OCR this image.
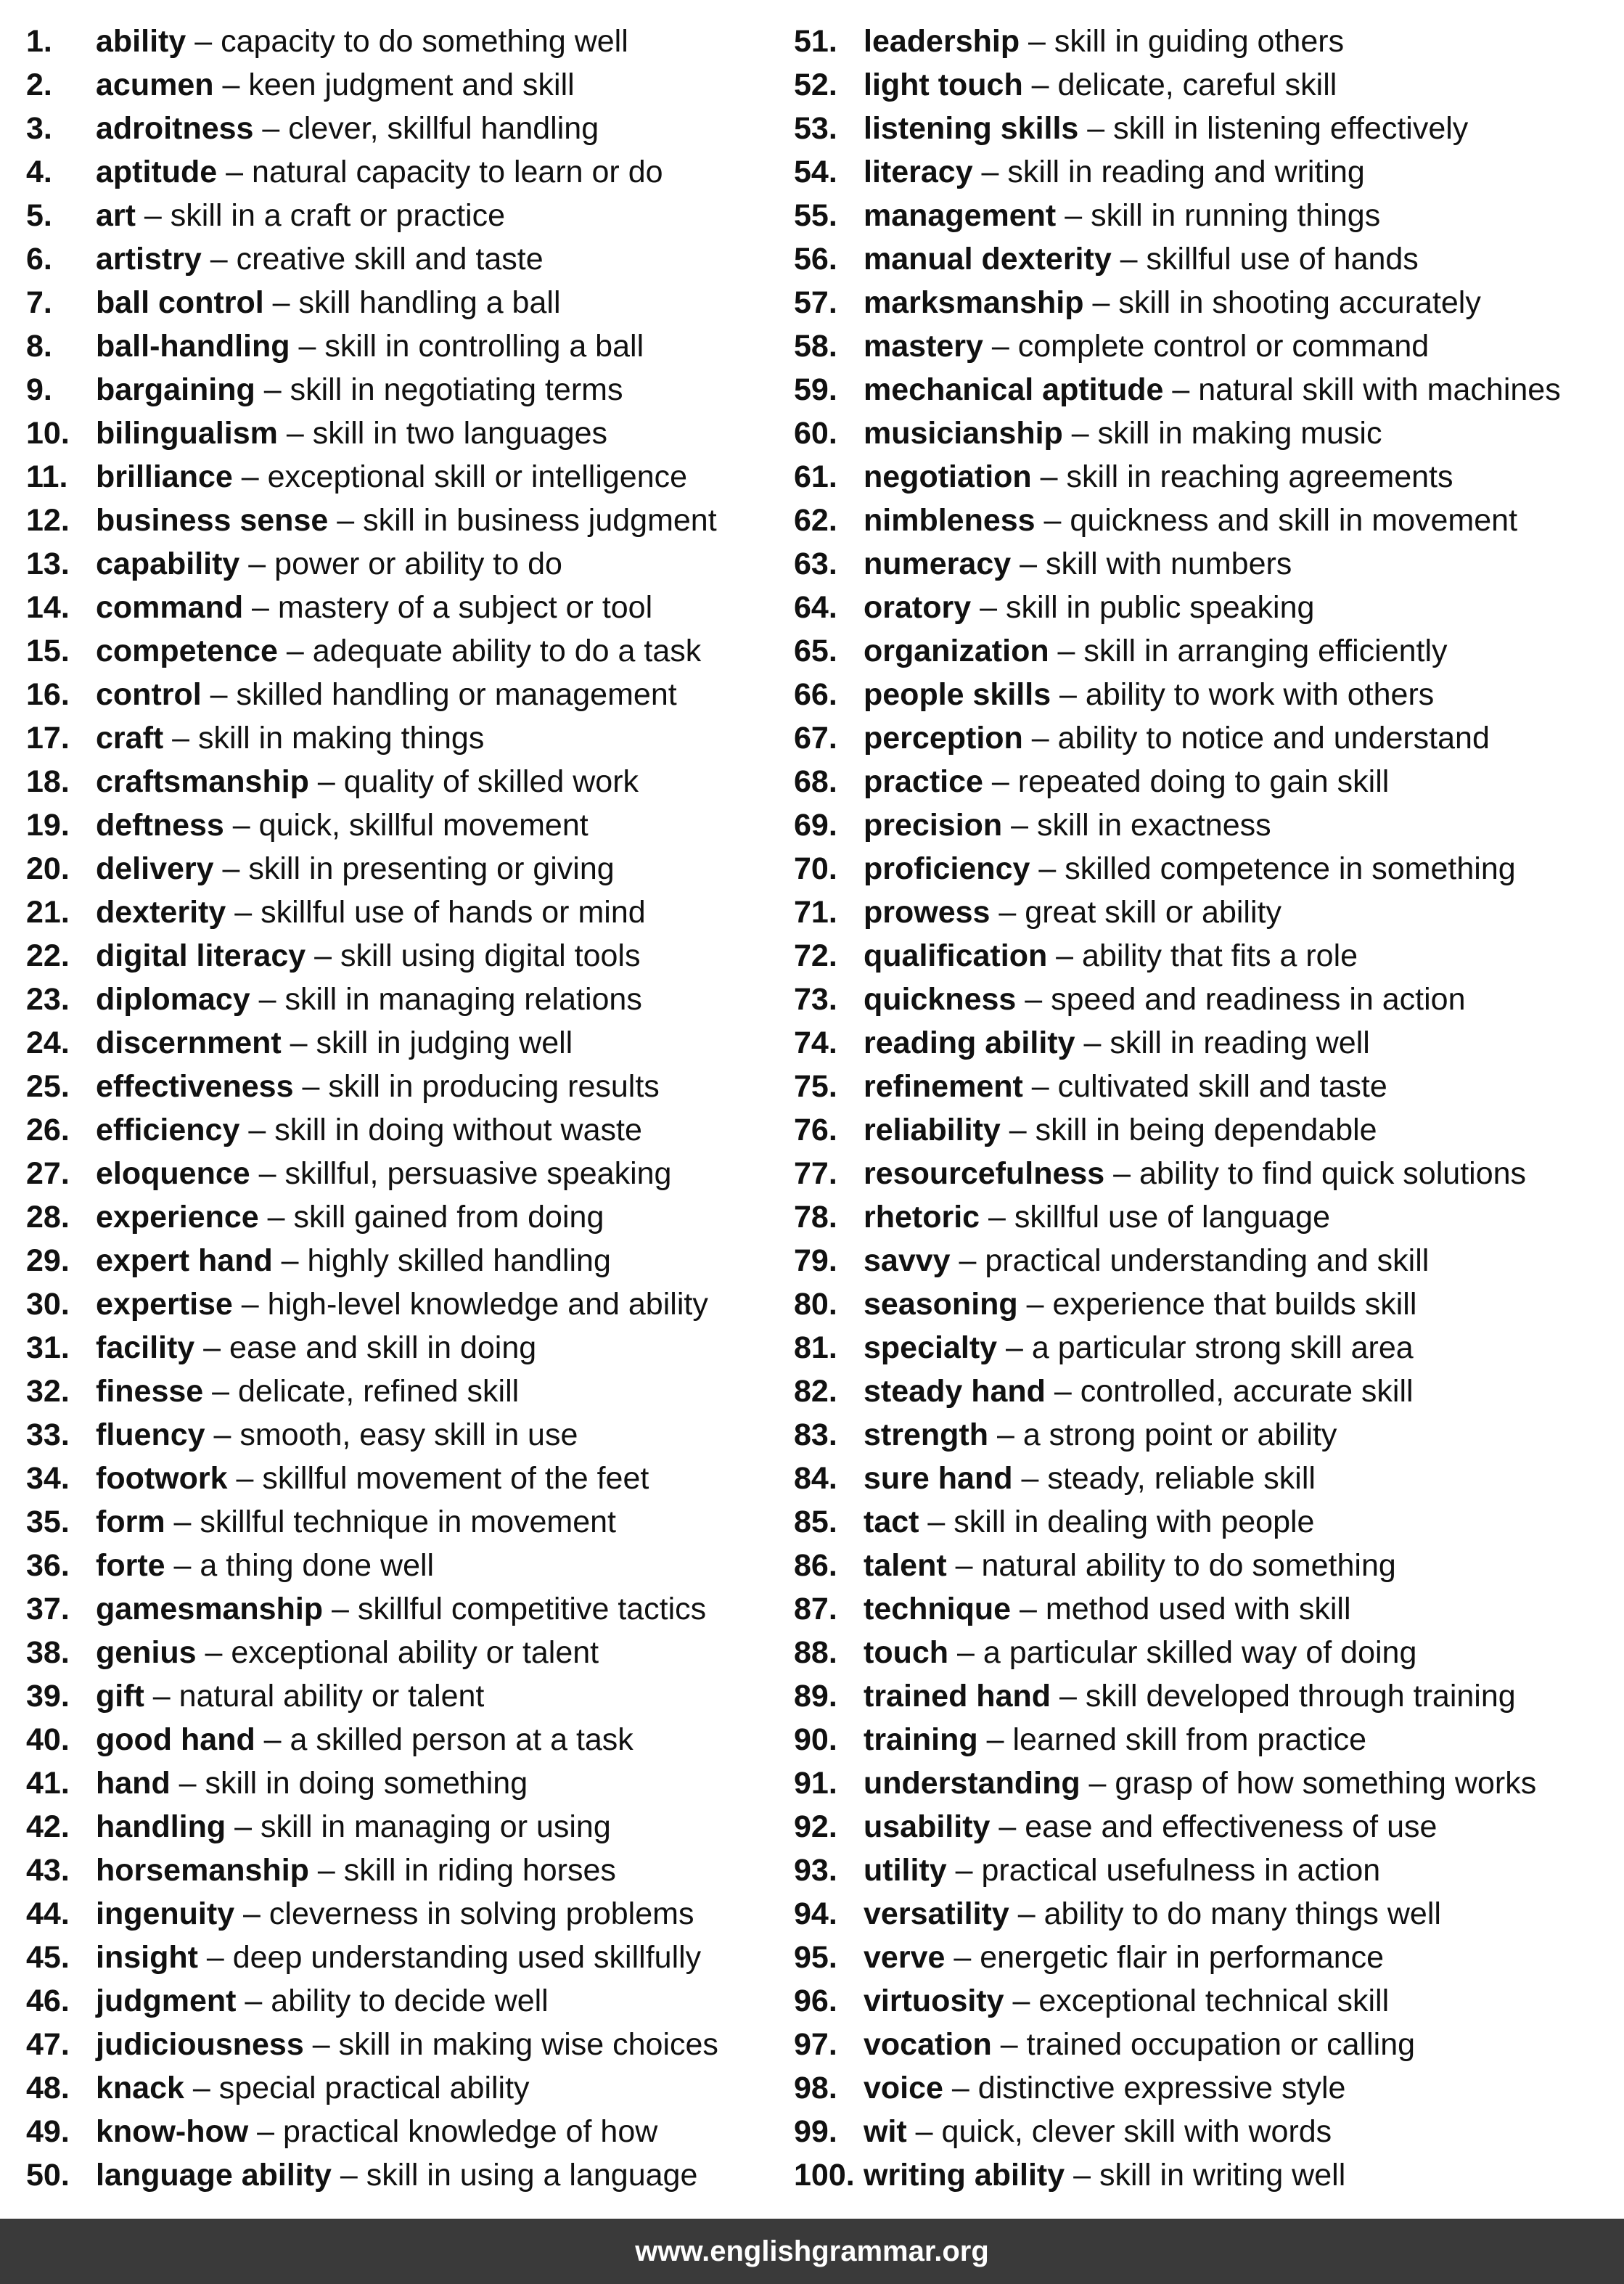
1. ability – capacity to do something well
2. acumen – keen judgment and skill
3. adroitness – clever, skillful handling
4. aptitude – natural capacity to learn or do
5. art – skill in a craft or practice
6. artistry – creative skill and taste
7. ball control – skill handling a ball
8. ball-handling – skill in controlling a ball
9. bargaining – skill in negotiating terms
10. bilingualism – skill in two languages
11. brilliance – exceptional skill or intelligence
12. business sense – skill in business judgment
13. capability – power or ability to do
14. command – mastery of a subject or tool
15. competence – adequate ability to do a task
16. control – skilled handling or management
17. craft – skill in making things
18. craftsmanship – quality of skilled work
19. deftness – quick, skillful movement
20. delivery – skill in presenting or giving
21. dexterity – skillful use of hands or mind
22. digital literacy – skill using digital tools
23. diplomacy – skill in managing relations
24. discernment – skill in judging well
25. effectiveness – skill in producing results
26. efficiency – skill in doing without waste
27. eloquence – skillful, persuasive speaking
28. experience – skill gained from doing
29. expert hand – highly skilled handling
30. expertise – high-level knowledge and ability
31. facility – ease and skill in doing
32. finesse – delicate, refined skill
33. fluency – smooth, easy skill in use
34. footwork – skillful movement of the feet
35. form – skillful technique in movement
36. forte – a thing done well
37. gamesmanship – skillful competitive tactics
38. genius – exceptional ability or talent
39. gift – natural ability or talent
40. good hand – a skilled person at a task
41. hand – skill in doing something
42. handling – skill in managing or using
43. horsemanship – skill in riding horses
44. ingenuity – cleverness in solving problems
45. insight – deep understanding used skillfully
46. judgment – ability to decide well
47. judiciousness – skill in making wise choices
48. knack – special practical ability
49. know-how – practical knowledge of how
50. language ability – skill in using a language
51. leadership – skill in guiding others
52. light touch – delicate, careful skill
53. listening skills – skill in listening effectively
54. literacy – skill in reading and writing
55. management – skill in running things
56. manual dexterity – skillful use of hands
57. marksmanship – skill in shooting accurately
58. mastery – complete control or command
59. mechanical aptitude – natural skill with machines
60. musicianship – skill in making music
61. negotiation – skill in reaching agreements
62. nimbleness – quickness and skill in movement
63. numeracy – skill with numbers
64. oratory – skill in public speaking
65. organization – skill in arranging efficiently
66. people skills – ability to work with others
67. perception – ability to notice and understand
68. practice – repeated doing to gain skill
69. precision – skill in exactness
70. proficiency – skilled competence in something
71. prowess – great skill or ability
72. qualification – ability that fits a role
73. quickness – speed and readiness in action
74. reading ability – skill in reading well
75. refinement – cultivated skill and taste
76. reliability – skill in being dependable
77. resourcefulness – ability to find quick solutions
78. rhetoric – skillful use of language
79. savvy – practical understanding and skill
80. seasoning – experience that builds skill
81. specialty – a particular strong skill area
82. steady hand – controlled, accurate skill
83. strength – a strong point or ability
84. sure hand – steady, reliable skill
85. tact – skill in dealing with people
86. talent – natural ability to do something
87. technique – method used with skill
88. touch – a particular skilled way of doing
89. trained hand – skill developed through training
90. training – learned skill from practice
91. understanding – grasp of how something works
92. usability – ease and effectiveness of use
93. utility – practical usefulness in action
94. versatility – ability to do many things well
95. verve – energetic flair in performance
96. virtuosity – exceptional technical skill
97. vocation – trained occupation or calling
98. voice – distinctive expressive style
99. wit – quick, clever skill with words
100. writing ability – skill in writing well
www.englishgrammar.org
